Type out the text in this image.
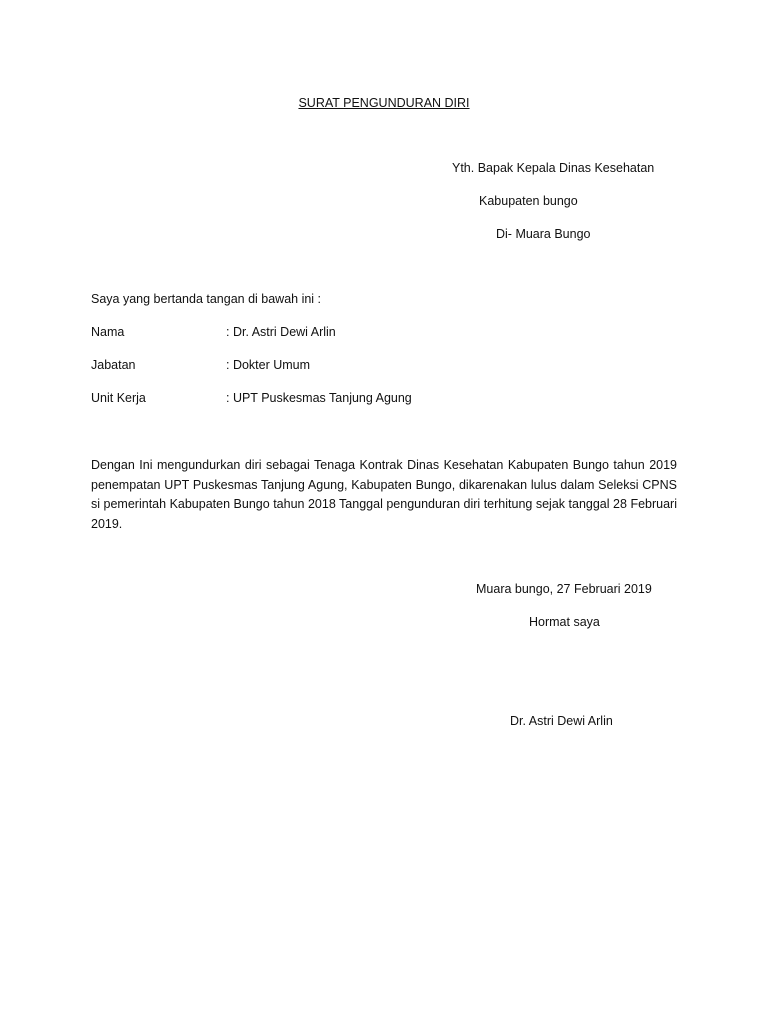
SURAT PENGUNDURAN DIRI
Yth. Bapak Kepala Dinas Kesehatan
Kabupaten bungo
Di- Muara Bungo
Saya yang bertanda tangan di bawah ini :
Nama	: Dr. Astri Dewi Arlin
Jabatan	: Dokter Umum
Unit Kerja	: UPT Puskesmas Tanjung Agung
Dengan Ini mengundurkan diri sebagai Tenaga Kontrak Dinas Kesehatan Kabupaten Bungo tahun 2019 penempatan UPT Puskesmas Tanjung Agung, Kabupaten Bungo, dikarenakan lulus dalam Seleksi CPNS si pemerintah Kabupaten Bungo tahun 2018 Tanggal pengunduran diri terhitung sejak tanggal 28 Februari 2019.
Muara bungo, 27 Februari 2019
Hormat saya
Dr. Astri Dewi Arlin
